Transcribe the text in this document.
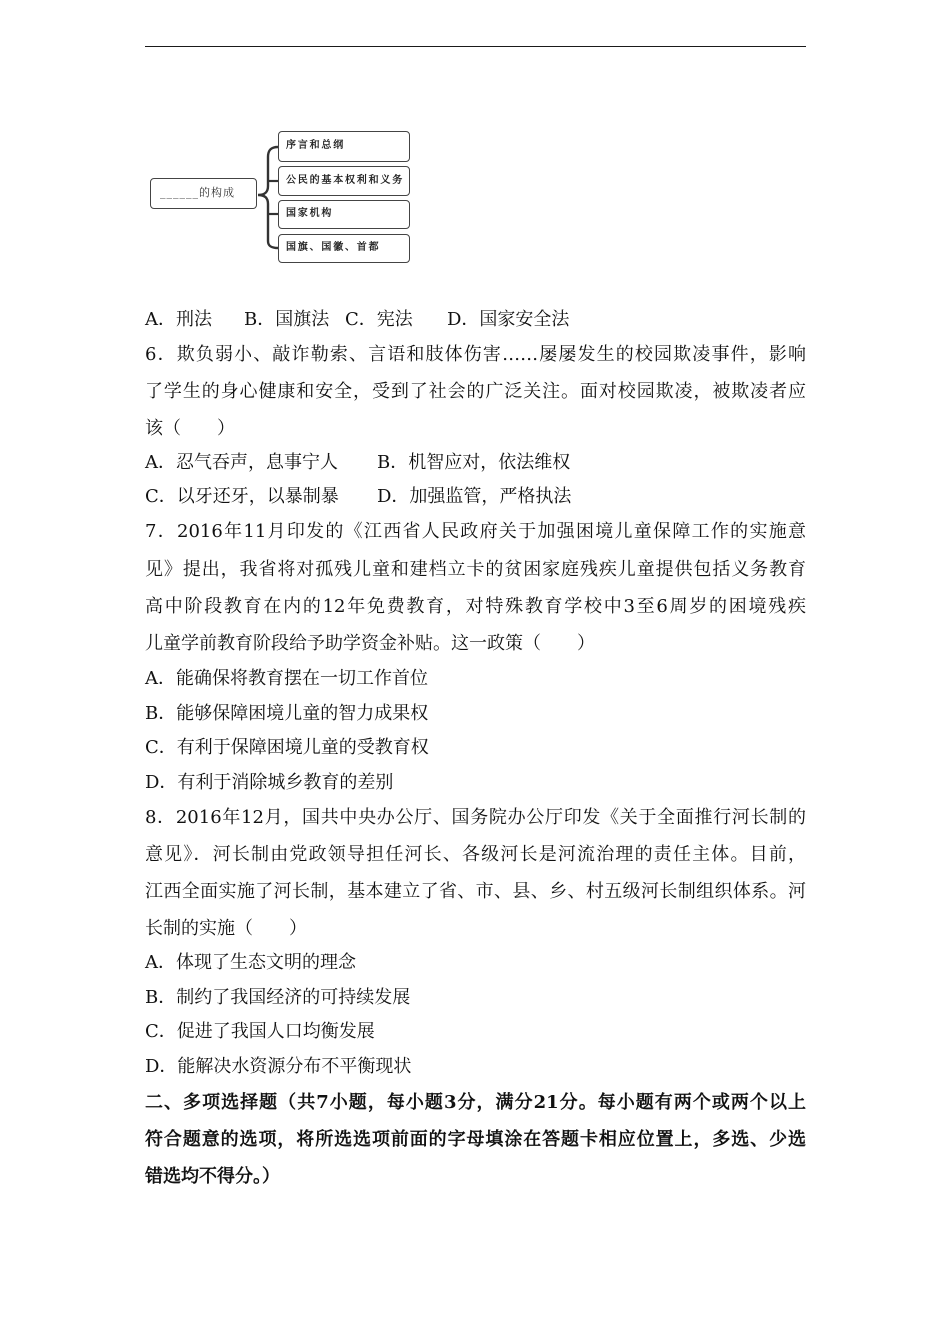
______的构成
序言和总纲
公民的基本权利和义务
国家机构
国旗、国徽、首都
A．刑法 B．国旗法 C．宪法 D．国家安全法
6．欺负弱小、敲诈勒索、言语和肢体伤害……屡屡发生的校园欺凌事件，影响
了学生的身心健康和安全，受到了社会的广泛关注。面对校园欺凌，被欺凌者应
该（　　）
A．忍气吞声，息事宁人 B．机智应对，依法维权
C．以牙还牙，以暴制暴 D．加强监管，严格执法
7．2016年11月印发的《江西省人民政府关于加强困境儿童保障工作的实施意
见》提出，我省将对孤残儿童和建档立卡的贫困家庭残疾儿童提供包括义务教育
高中阶段教育在内的12年免费教育，对特殊教育学校中3至6周岁的困境残疾
儿童学前教育阶段给予助学资金补贴。这一政策（　　）
A．能确保将教育摆在一切工作首位
B．能够保障困境儿童的智力成果权
C．有利于保障困境儿童的受教育权
D．有利于消除城乡教育的差别
8．2016年12月，国共中央办公厅、国务院办公厅印发《关于全面推行河长制的
意见》．河长制由党政领导担任河长、各级河长是河流治理的责任主体。目前，
江西全面实施了河长制，基本建立了省、市、县、乡、村五级河长制组织体系。河
长制的实施（　　）
A．体现了生态文明的理念
B．制约了我国经济的可持续发展
C．促进了我国人口均衡发展
D．能解决水资源分布不平衡现状
二、多项选择题（共7小题，每小题3分，满分21分。每小题有两个或两个以上
符合题意的选项，将所选选项前面的字母填涂在答题卡相应位置上，多选、少选
错选均不得分。）
